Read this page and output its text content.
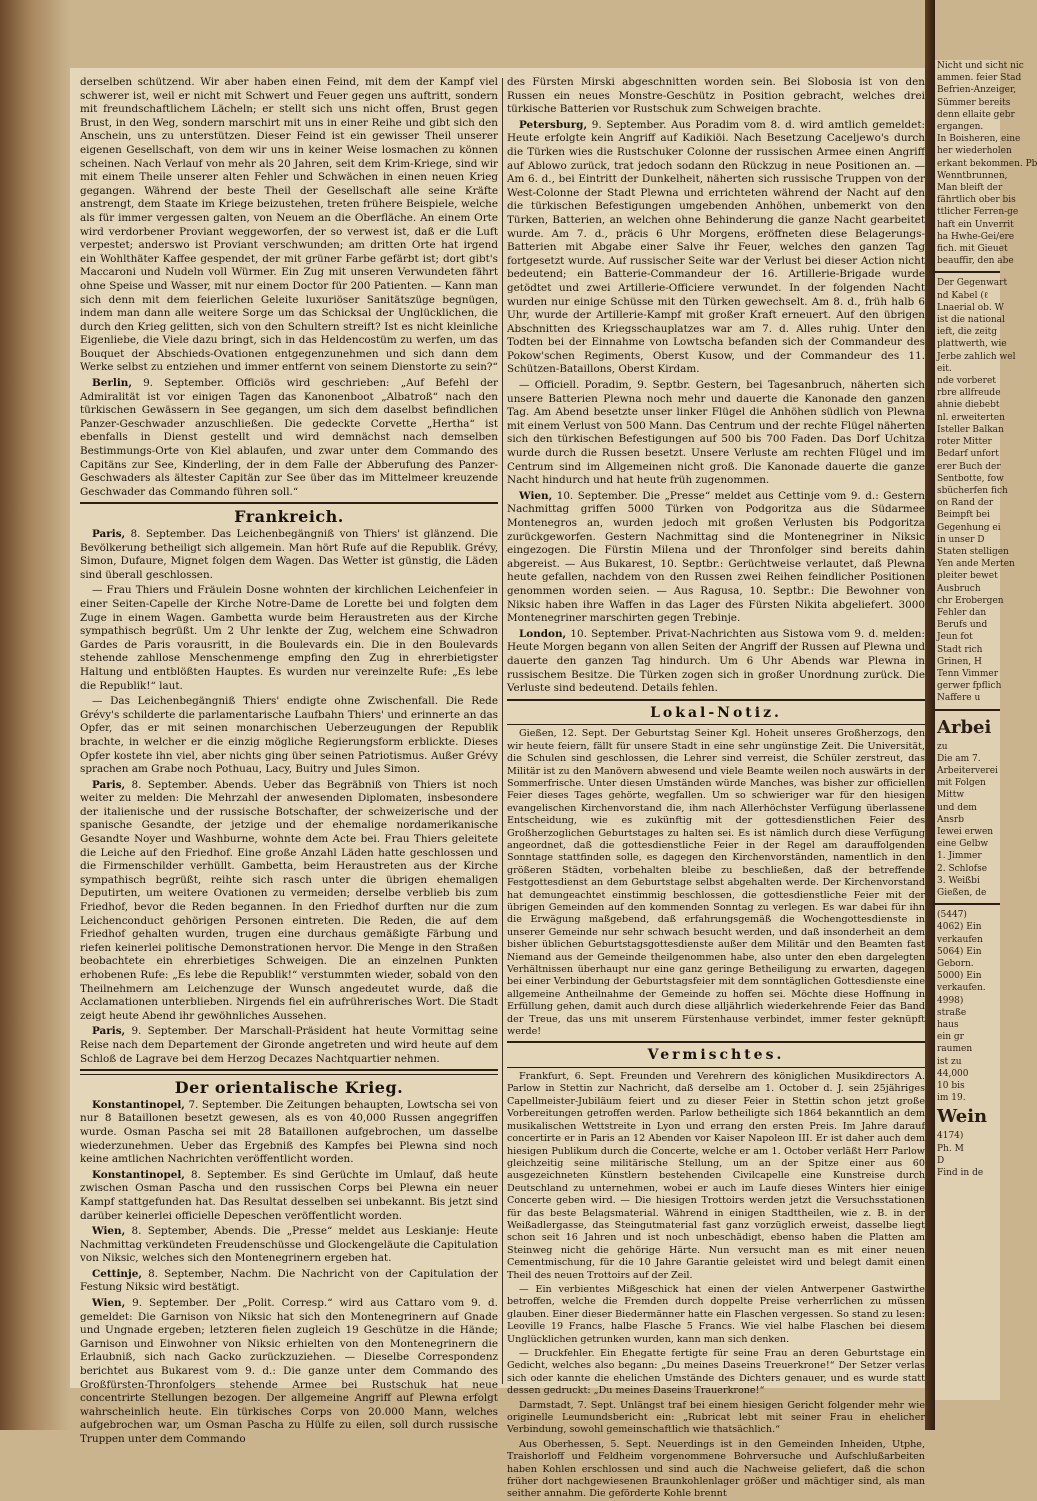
derselben schützend. Wir aber haben einen Feind, mit dem der Kampf viel schwerer ist, weil er nicht mit Schwert und Feuer gegen uns auftritt, sondern mit freundschaftlichem Lächeln; er stellt sich uns nicht offen, Brust gegen Brust, in den Weg, sondern marschirt mit uns in einer Reihe und gibt sich den Anschein, uns zu unterstützen. Dieser Feind ist ein gewisser Theil unserer eigenen Gesellschaft, von dem wir uns in keiner Weise losmachen zu können scheinen. Nach Verlauf von mehr als 20 Jahren, seit dem Krim-Kriege, sind wir mit einem Theile unserer alten Fehler und Schwächen in einen neuen Krieg gegangen. Während der beste Theil der Gesellschaft alle seine Kräfte anstrengt, dem Staate im Kriege beizustehen, treten frühere Beispiele, welche als für immer vergessen galten, von Neuem an die Oberfläche. An einem Orte wird verdorbener Proviant weggeworfen, der so verwest ist, daß er die Luft verpestet; anderswo ist Proviant verschwunden; am dritten Orte hat irgend ein Wohlthäter Kaffee gespendet, der mit grüner Farbe gefärbt ist; dort gibt's Maccaroni und Nudeln voll Würmer. Ein Zug mit unseren Verwundeten fährt ohne Speise und Wasser, mit nur einem Doctor für 200 Patienten. — Kann man sich denn mit dem feierlichen Geleite luxuriöser Sanitätszüge begnügen, indem man dann alle weitere Sorge um das Schicksal der Unglücklichen, die durch den Krieg gelitten, sich von den Schultern streift? Ist es nicht kleinliche Eigenliebe, die Viele dazu bringt, sich in das Heldencostüm zu werfen, um das Bouquet der Abschieds-Ovationen entgegenzunehmen und sich dann dem Werke selbst zu entziehen und immer entfernt von seinem Dienstorte zu sein?“

Berlin, 9. September. Officiös wird geschrieben: „Auf Befehl der Admiralität ist vor einigen Tagen das Kanonenboot „Albatroß“ nach den türkischen Gewässern in See gegangen, um sich dem daselbst befindlichen Panzer-Geschwader anzuschließen. Die gedeckte Corvette „Hertha“ ist ebenfalls in Dienst gestellt und wird demnächst nach demselben Bestimmungs-Orte von Kiel ablaufen, und zwar unter dem Commando des Capitäns zur See, Kinderling, der in dem Falle der Abberufung des Panzer-Geschwaders als ältester Capitän zur See über das im Mittelmeer kreuzende Geschwader das Commando führen soll.“

Frankreich.

Paris, 8. September. Das Leichenbegängniß von Thiers' ist glänzend. Die Bevölkerung betheiligt sich allgemein. Man hört Rufe auf die Republik. Grévy, Simon, Dufaure, Mignet folgen dem Wagen. Das Wetter ist günstig, die Läden sind überall geschlossen.

— Frau Thiers und Fräulein Dosne wohnten der kirchlichen Leichenfeier in einer Seiten-Capelle der Kirche Notre-Dame de Lorette bei und folgten dem Zuge in einem Wagen. Gambetta wurde beim Heraustreten aus der Kirche sympathisch begrüßt. Um 2 Uhr lenkte der Zug, welchem eine Schwadron Gardes de Paris vorausritt, in die Boulevards ein. Die in den Boulevards stehende zahllose Menschenmenge empfing den Zug in ehrerbietigster Haltung und entblößten Hauptes. Es wurden nur vereinzelte Rufe: „Es lebe die Republik!“ laut.

— Das Leichenbegängniß Thiers' endigte ohne Zwischenfall. Die Rede Grévy's schilderte die parlamentarische Laufbahn Thiers' und erinnerte an das Opfer, das er mit seinen monarchischen Ueberzeugungen der Republik brachte, in welcher er die einzig mögliche Regierungsform erblickte. Dieses Opfer kostete ihn viel, aber nichts ging über seinen Patriotismus. Außer Grévy sprachen am Grabe noch Pothuau, Lacy, Buitry und Jules Simon.

Paris, 8. September. Abends. Ueber das Begräbniß von Thiers ist noch weiter zu melden: Die Mehrzahl der anwesenden Diplomaten, insbesondere der italienische und der russische Botschafter, der schweizerische und der spanische Gesandte, der jetzige und der ehemalige nordamerikanische Gesandte Noyer und Washburne, wohnte dem Acte bei. Frau Thiers geleitete die Leiche auf den Friedhof. Eine große Anzahl Läden hatte geschlossen und die Firmenschilder verhüllt. Gambetta, beim Heraustreten aus der Kirche sympathisch begrüßt, reihte sich rasch unter die übrigen ehemaligen Deputirten, um weitere Ovationen zu vermeiden; derselbe verblieb bis zum Friedhof, bevor die Reden begannen. In den Friedhof durften nur die zum Leichenconduct gehörigen Personen eintreten. Die Reden, die auf dem Friedhof gehalten wurden, trugen eine durchaus gemäßigte Färbung und riefen keinerlei politische Demonstrationen hervor. Die Menge in den Straßen beobachtete ein ehrerbietiges Schweigen. Die an einzelnen Punkten erhobenen Rufe: „Es lebe die Republik!“ verstummten wieder, sobald von den Theilnehmern am Leichenzuge der Wunsch angedeutet wurde, daß die Acclamationen unterblieben. Nirgends fiel ein aufrührerisches Wort. Die Stadt zeigt heute Abend ihr gewöhnliches Aussehen.

Paris, 9. September. Der Marschall-Präsident hat heute Vormittag seine Reise nach dem Departement der Gironde angetreten und wird heute auf dem Schloß de Lagrave bei dem Herzog Decazes Nachtquartier nehmen.

Der orientalische Krieg.

Konstantinopel, 7. September. Die Zeitungen behaupten, Lowtscha sei von nur 8 Bataillonen besetzt gewesen, als es von 40,000 Russen angegriffen wurde. Osman Pascha sei mit 28 Bataillonen aufgebrochen, um dasselbe wiederzunehmen. Ueber das Ergebniß des Kampfes bei Plewna sind noch keine amtlichen Nachrichten veröffentlicht worden.

Konstantinopel, 8. September. Es sind Gerüchte im Umlauf, daß heute zwischen Osman Pascha und den russischen Corps bei Plewna ein neuer Kampf stattgefunden hat. Das Resultat desselben sei unbekannt. Bis jetzt sind darüber keinerlei officielle Depeschen veröffentlicht worden.

Wien, 8. September, Abends. Die „Presse“ meldet aus Leskianje: Heute Nachmittag verkündeten Freudenschüsse und Glockengeläute die Capitulation von Niksic, welches sich den Montenegrinern ergeben hat.

Cettinje, 8. September, Nachm. Die Nachricht von der Capitulation der Festung Niksic wird bestätigt.

Wien, 9. September. Der „Polit. Corresp.“ wird aus Cattaro vom 9. d. gemeldet: Die Garnison von Niksic hat sich den Montenegrinern auf Gnade und Ungnade ergeben; letzteren fielen zugleich 19 Geschütze in die Hände; Garnison und Einwohner von Niksic erhielten von den Montenegrinern die Erlaubniß, sich nach Gacko zurückzuziehen. — Dieselbe Correspondenz berichtet aus Bukarest vom 9. d.: Die ganze unter dem Commando des Großfürsten-Thronfolgers stehende Armee bei Rustschuk hat neue concentrirte Stellungen bezogen. Der allgemeine Angriff auf Plewna erfolgt wahrscheinlich heute. Ein türkisches Corps von 20.000 Mann, welches aufgebrochen war, um Osman Pascha zu Hülfe zu eilen, soll durch russische Truppen unter dem Commando

des Fürsten Mirski abgeschnitten worden sein. Bei Slobosia ist von den Russen ein neues Monstre-Geschütz in Position gebracht, welches drei türkische Batterien vor Rustschuk zum Schweigen brachte.

Petersburg, 9. September. Aus Poradim vom 8. d. wird amtlich gemeldet: Heute erfolgte kein Angriff auf Kadikiöi. Nach Besetzung Caceljewo's durch die Türken wies die Rustschuker Colonne der russischen Armee einen Angriff auf Ablowo zurück, trat jedoch sodann den Rückzug in neue Positionen an. — Am 6. d., bei Eintritt der Dunkelheit, näherten sich russische Truppen von der West-Colonne der Stadt Plewna und errichteten während der Nacht auf den die türkischen Befestigungen umgebenden Anhöhen, unbemerkt von den Türken, Batterien, an welchen ohne Behinderung die ganze Nacht gearbeitet wurde. Am 7. d., präcis 6 Uhr Morgens, eröffneten diese Belagerungs-Batterien mit Abgabe einer Salve ihr Feuer, welches den ganzen Tag fortgesetzt wurde. Auf russischer Seite war der Verlust bei dieser Action nicht bedeutend; ein Batterie-Commandeur der 16. Artillerie-Brigade wurde getödtet und zwei Artillerie-Officiere verwundet. In der folgenden Nacht wurden nur einige Schüsse mit den Türken gewechselt. Am 8. d., früh halb 6 Uhr, wurde der Artillerie-Kampf mit großer Kraft erneuert. Auf den übrigen Abschnitten des Kriegsschauplatzes war am 7. d. Alles ruhig. Unter den Todten bei der Einnahme von Lowtscha befanden sich der Commandeur des Pokow'schen Regiments, Oberst Kusow, und der Commandeur des 11. Schützen-Bataillons, Oberst Kirdam.

— Officiell. Poradim, 9. Septbr. Gestern, bei Tagesanbruch, näherten sich unsere Batterien Plewna noch mehr und dauerte die Kanonade den ganzen Tag. Am Abend besetzte unser linker Flügel die Anhöhen südlich von Plewna mit einem Verlust von 500 Mann. Das Centrum und der rechte Flügel näherten sich den türkischen Befestigungen auf 500 bis 700 Faden. Das Dorf Uchitza wurde durch die Russen besetzt. Unsere Verluste am rechten Flügel und im Centrum sind im Allgemeinen nicht groß. Die Kanonade dauerte die ganze Nacht hindurch und hat heute früh zugenommen.

Wien, 10. September. Die „Presse“ meldet aus Cettinje vom 9. d.: Gestern Nachmittag griffen 5000 Türken von Podgoritza aus die Südarmee Montenegros an, wurden jedoch mit großen Verlusten bis Podgoritza zurückgeworfen. Gestern Nachmittag sind die Montenegriner in Niksic eingezogen. Die Fürstin Milena und der Thronfolger sind bereits dahin abgereist. — Aus Bukarest, 10. Septbr.: Gerüchtweise verlautet, daß Plewna heute gefallen, nachdem von den Russen zwei Reihen feindlicher Positionen genommen worden seien. — Aus Ragusa, 10. Septbr.: Die Bewohner von Niksic haben ihre Waffen in das Lager des Fürsten Nikita abgeliefert. 3000 Montenegriner marschirten gegen Trebinje.

London, 10. September. Privat-Nachrichten aus Sistowa vom 9. d. melden: Heute Morgen begann von allen Seiten der Angriff der Russen auf Plewna und dauerte den ganzen Tag hindurch. Um 6 Uhr Abends war Plewna in russischem Besitze. Die Türken zogen sich in großer Unordnung zurück. Die Verluste sind bedeutend. Details fehlen.

Lokal-Notiz.

Gießen, 12. Sept. Der Geburtstag Seiner Kgl. Hoheit unseres Großherzogs, den wir heute feiern, fällt für unsere Stadt in eine sehr ungünstige Zeit. Die Universität, die Schulen sind geschlossen, die Lehrer sind verreist, die Schüler zerstreut, das Militär ist zu den Manövern abwesend und viele Beamte weilen noch auswärts in der Sommerfrische. Unter diesen Umständen würde Manches, was bisher zur officiellen Feier dieses Tages gehörte, wegfallen. Um so schwieriger war für den hiesigen evangelischen Kirchenvorstand die, ihm nach Allerhöchster Verfügung überlassene Entscheidung, wie es zukünftig mit der gottesdienstlichen Feier des Großherzoglichen Geburtstages zu halten sei. Es ist nämlich durch diese Verfügung angeordnet, daß die gottesdienstliche Feier in der Regel am darauffolgenden Sonntage stattfinden solle, es dagegen den Kirchenvorständen, namentlich in den größeren Städten, vorbehalten bleibe zu beschließen, daß der betreffende Festgottesdienst an dem Geburtstage selbst abgehalten werde. Der Kirchenvorstand hat demungeachtet einstimmig beschlossen, die gottesdienstliche Feier mit der übrigen Gemeinden auf den kommenden Sonntag zu verlegen. Es war dabei für ihn die Erwägung maßgebend, daß erfahrungsgemäß die Wochengottesdienste in unserer Gemeinde nur sehr schwach besucht werden, und daß insonderheit an dem bisher üblichen Geburtstagsgottesdienste außer dem Militär und den Beamten fast Niemand aus der Gemeinde theilgenommen habe, also unter den eben dargelegten Verhältnissen überhaupt nur eine ganz geringe Betheiligung zu erwarten, dagegen bei einer Verbindung der Geburtstagsfeier mit dem sonntäglichen Gottesdienste eine allgemeine Antheilnahme der Gemeinde zu hoffen sei. Möchte diese Hoffnung in Erfüllung gehen, damit auch durch diese alljährlich wiederkehrende Feier das Band der Treue, das uns mit unserem Fürstenhause verbindet, immer fester geknüpft werde!

Vermischtes.

Frankfurt, 6. Sept. Freunden und Verehrern des königlichen Musikdirectors A. Parlow in Stettin zur Nachricht, daß derselbe am 1. October d. J. sein 25jähriges Capellmeister-Jubiläum feiert und zu dieser Feier in Stettin schon jetzt große Vorbereitungen getroffen werden. Parlow betheiligte sich 1864 bekanntlich an dem musikalischen Wettstreite in Lyon und errang den ersten Preis. Im Jahre darauf concertirte er in Paris an 12 Abenden vor Kaiser Napoleon III. Er ist daher auch dem hiesigen Publikum durch die Concerte, welche er am 1. October verläßt Herr Parlow gleichzeitig seine militärische Stellung, um an der Spitze einer aus 60 ausgezeichneten Künstlern bestehenden Civilcapelle eine Kunstreise durch Deutschland zu unternehmen, wobei er auch im Laufe dieses Winters hier einige Concerte geben wird. — Die hiesigen Trottoirs werden jetzt die Versuchsstationen für das beste Belagsmaterial. Während in einigen Stadttheilen, wie z. B. in der Weißadlergasse, das Steingutmaterial fast ganz vorzüglich erweist, dasselbe liegt schon seit 16 Jahren und ist noch unbeschädigt, ebenso haben die Platten am Steinweg nicht die gehörige Härte. Nun versucht man es mit einer neuen Cementmischung, für die 10 Jahre Garantie geleistet wird und belegt damit einen Theil des neuen Trottoirs auf der Zeil.

— Ein verbientes Mißgeschick hat einen der vielen Antwerpener Gastwirthe betroffen, welche die Fremden durch doppelte Preise verherrlichen zu müssen glauben. Einer dieser Biedermänner hatte ein Flaschen vergessen. So stand zu lesen: Leoville 19 Francs, halbe Flasche 5 Francs. Wie viel halbe Flaschen bei diesem Unglücklichen getrunken wurden, kann man sich denken.

— Druckfehler. Ein Ehegatte fertigte für seine Frau an deren Geburtstage ein Gedicht, welches also begann: „Du meines Daseins Treuerkrone!“ Der Setzer verlas sich oder kannte die ehelichen Umstände des Dichters genauer, und es wurde statt dessen gedruckt: „Du meines Daseins Trauerkrone!“

Darmstadt, 7. Sept. Unlängst traf bei einem hiesigen Gericht folgender mehr wie originelle Leumundsbericht ein: „Rubricat lebt mit seiner Frau in ehelicher Verbindung, sowohl gemeinschaftlich wie thatsächlich.“

Aus Oberhessen, 5. Sept. Neuerdings ist in den Gemeinden Inheiden, Utphe, Traishorloff und Feldheim vorgenommene Bohrversuche und Aufschlußarbeiten haben Kohlen erschlossen und sind auch die Nachweise geliefert, daß die schon früher dort nachgewiesenen Braunkohlenlager größer und mächtiger sind, als man seither annahm. Die geförderte Kohle brennt

Nicht und sicht nic
ammen. feier Stad
Befrien-Anzeiger,
Sümmer bereits
denn ellaite gebr
ergangen.
In Boisheren, eine
her wiederholen
erkant bekommen. Pb
Wenntbrunnen,
Man bleift der
fährtlich ober bis
ttlicher Ferren-ge
haft ein Unverrit
ha Hwhe-Gei/ere
fich. mit Gieuet
beauffir, den abe
Der Gegenwart
nd Kabel (ℓ
Lnaerial ob. W
ist die national
ieft, die zeitg
plattwerth, wie
Jerbe zahlich wel
eit.
nde vorberet
rbre allfreude
ahnie diebebt
nl. erweiterten
Isteller Balkan
roter Mitter
Bedarf unfort
erer Buch der
Sentbotte, fow
sbücherfen fich
on Rand der
Beimpft bei
Gegenhung ei
in unser D
Staten stelligen
Yen ande Merten
pleiter bewet
Ausbruch
chr Erobergen
Fehler dan
Berufs und
Jeun fot
Stadt rich
Grinen, H
Tenn Vimmer
gerwer fpflich
Naffere u
Arbei
zu
Die am 7.
Arbeiterverei
mit Folgen
Mittw
und dem
Ansrb
Iewei erwen
eine Gelbw
1. Jimmer
2. Schlofse
3. Weißbi
Gießen, de
(5447)
4062) Ein
verkaufen
5064) Ein
Geborn.
5000) Ein
verkaufen.
4998)
straße
haus
ein gr
raumen
ist zu
44,000
10 bis
im 19.
Wein
4174)
Ph. M
D
Find in de
